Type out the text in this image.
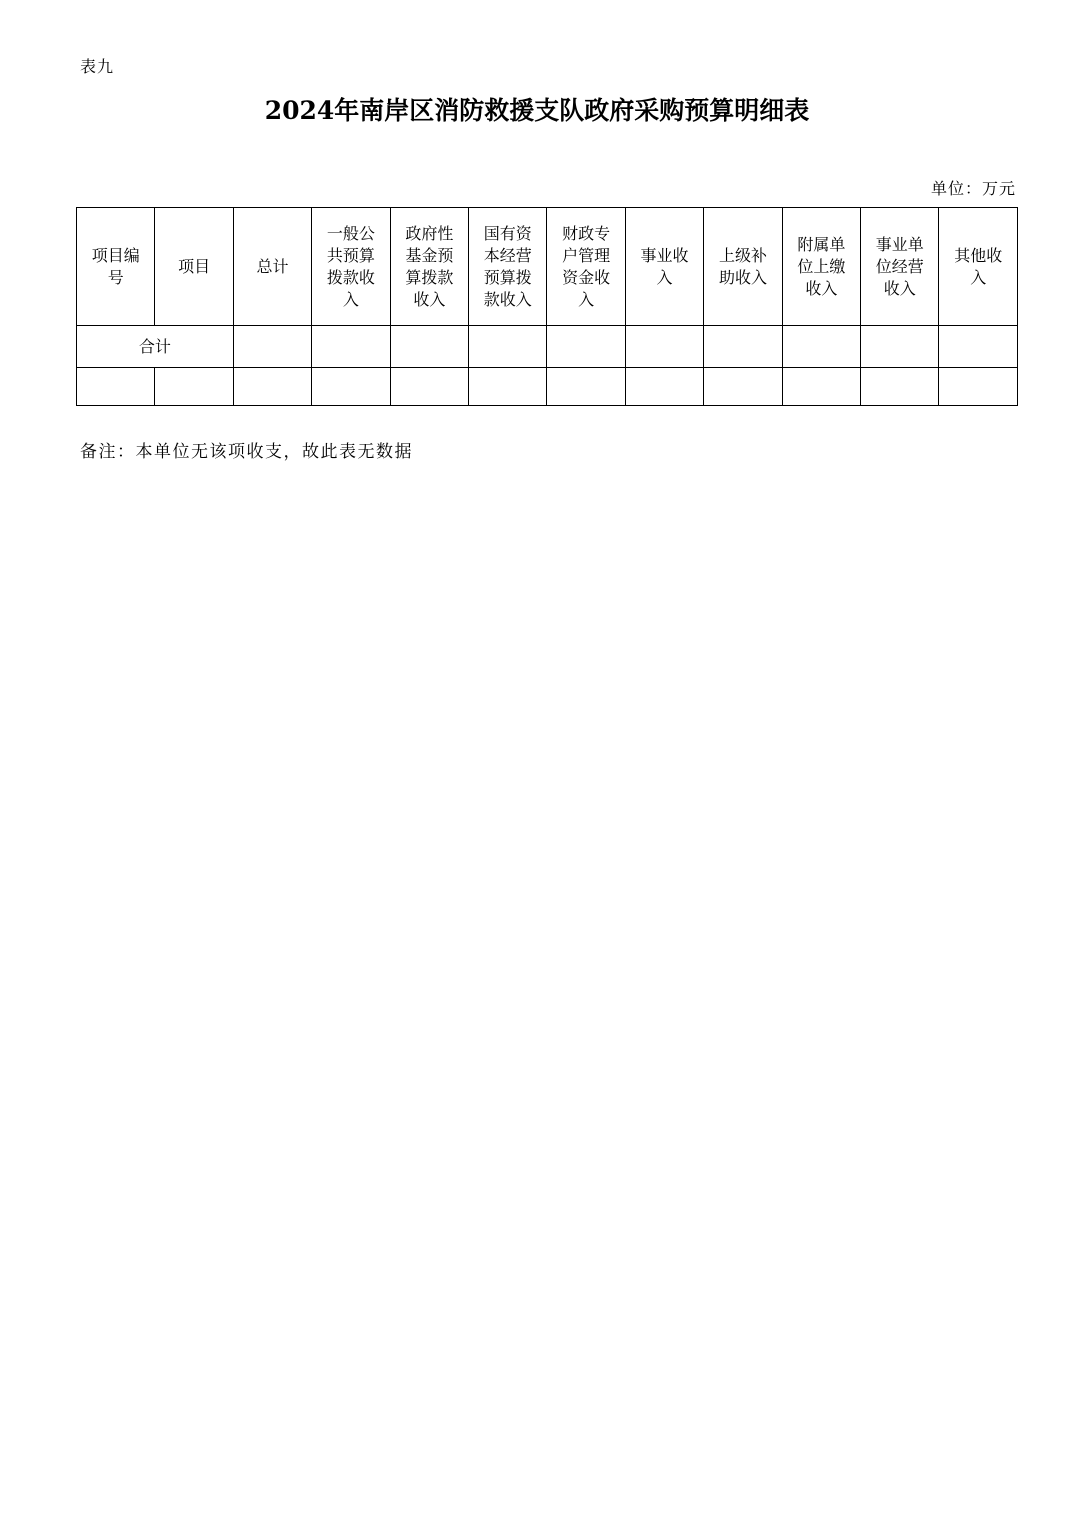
表九
2024年南岸区消防救援支队政府采购预算明细表
单位：万元
项目编号	项目	总计	一般公共预算拨款收入	政府性基金预算拨款收入	国有资本经营预算拨款收入	财政专户管理资金收入	事业收入	上级补助收入	附属单位上缴收入	事业单位经营收入	其他收入
合计											

备注：本单位无该项收支，故此表无数据
